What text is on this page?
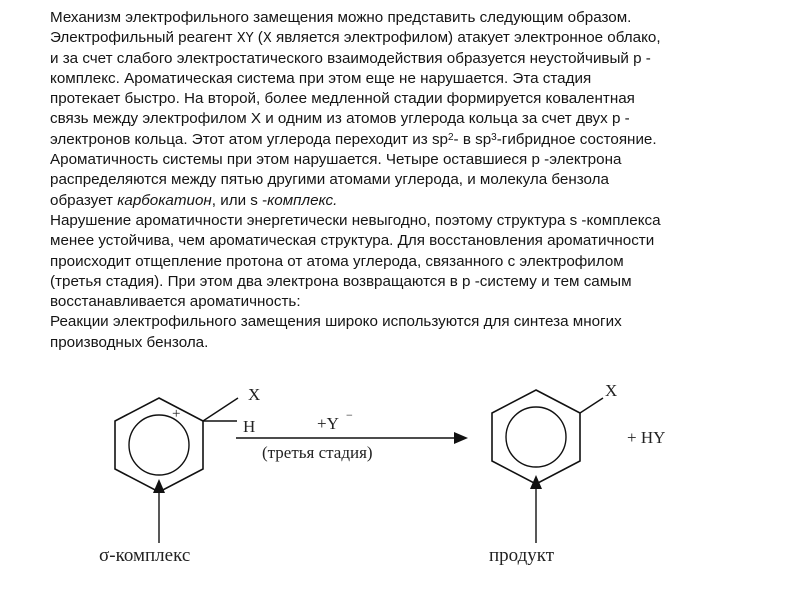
Механизм электрофильного замещения можно представить следующим образом.
Электрофильный реагент XY (X является электрофилом) атакует электронное облако,
и за счет слабого электростатического взаимодействия образуется неустойчивый p -
комплекс. Ароматическая система при этом еще не нарушается. Эта стадия
протекает быстро. На второй, более медленной стадии формируется ковалентная
связь между электрофилом X и одним из атомов углерода кольца за счет двух p -
электронов кольца. Этот атом углерода переходит из $sp^2-$ в $sp^3$-гибридное состояние.
Ароматичность системы при этом нарушается. Четыре оставшиеся p -электрона
распределяются между пятью другими атомами углерода, и молекула бензола
образует карбокатион, или s -комплекс.
Нарушение ароматичности энергетически невыгодно, поэтому структура s -комплекса
менее устойчива, чем ароматическая структура. Для восстановления ароматичности
происходит отщепление протона от атома углерода, связанного с электрофилом
(третья стадия). При этом два электрона возвращаются в p -систему и тем самым
восстанавливается ароматичность:
Реакции электрофильного замещения широко используются для синтеза многих
производных бензола.
+
X
H	+Y −
(третья стадия)
X
+ HY
σ-комплекс	продукт
